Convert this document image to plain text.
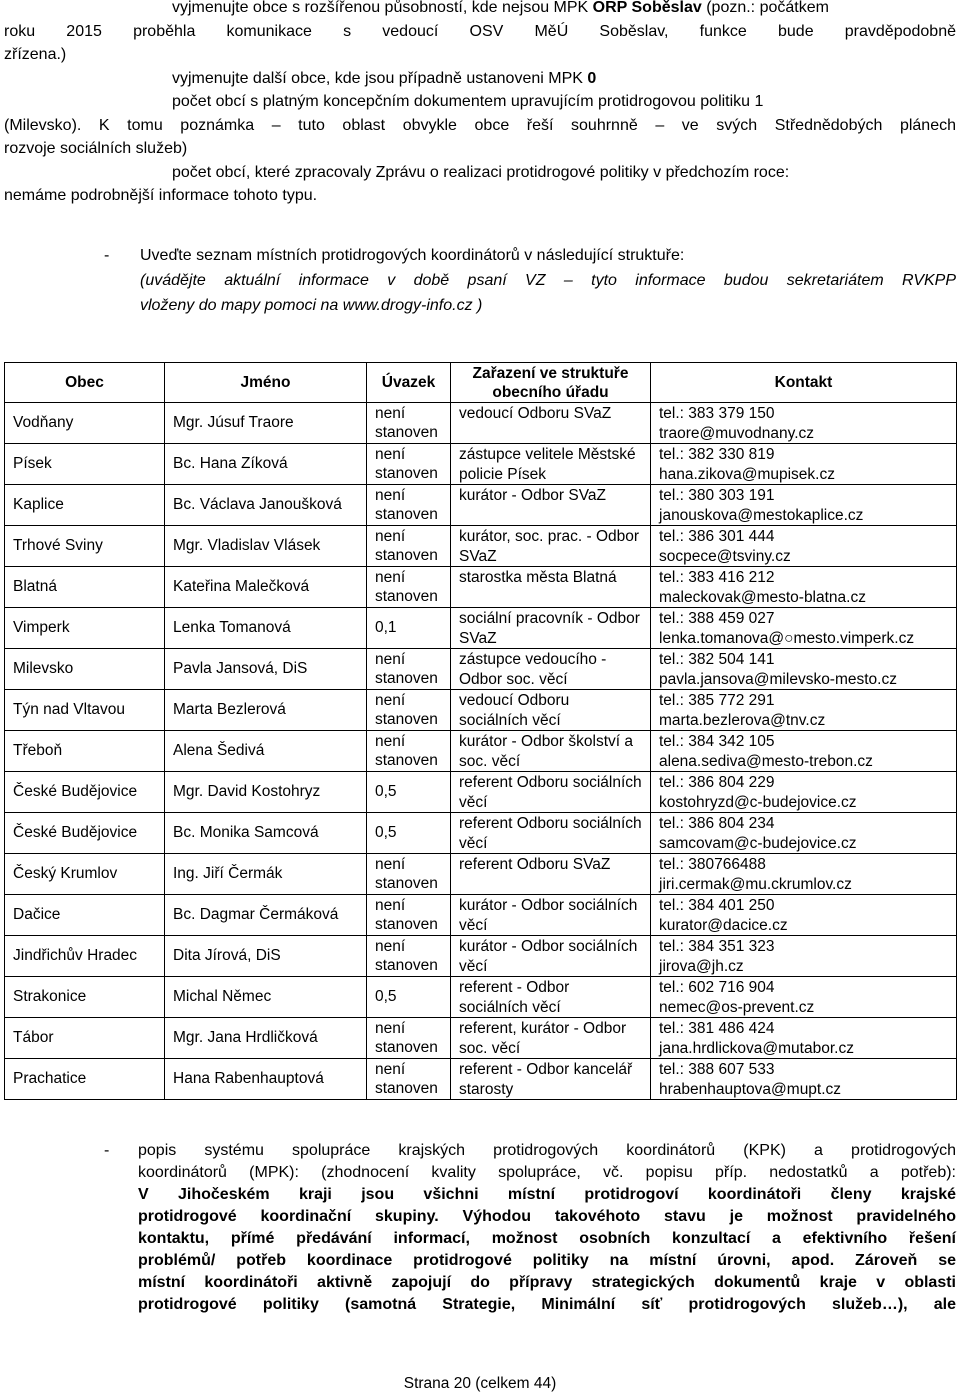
vyjmenujte obce s rozšířenou působností, kde nejsou MPK ORP Soběslav (pozn.: počátkem
roku 2015 proběhla komunikace s vedoucí OSV MěÚ Soběslav, funkce bude pravděpodobně
zřízena.)
vyjmenujte další obce, kde jsou případně ustanoveni MPK 0
počet obcí s platným koncepčním dokumentem upravujícím protidrogovou politiku 1
(Milevsko). K tomu poznámka – tuto oblast obvykle obce řeší souhrnně – ve svých Střednědobých plánech
rozvoje sociálních služeb)
počet obcí, které zpracovaly Zprávu o realizaci protidrogové politiky v předchozím roce:
nemáme podrobnější informace tohoto typu.
- Uveďte seznam místních protidrogových koordinátorů v následující struktuře:
(uvádějte aktuální informace v době psaní VZ – tyto informace budou sekretariátem RVKPP
vloženy do mapy pomoci na www.drogy-info.cz )
Obec	Jméno	Úvazek	Zařazení ve struktuře obecního úřadu	Kontakt
Vodňany	Mgr. Júsuf Traore	není stanoven	vedoucí Odboru SVaZ	tel.: 383 379 150
traore@muvodnany.cz

Písek	Bc. Hana Zíková	není stanoven	zástupce velitele Městské policie Písek	tel.: 382 330 819
hana.zikova@mupisek.cz

Kaplice	Bc. Václava Janoušková	není stanoven	kurátor - Odbor SVaZ	tel.: 380 303 191
janouskova@mestokaplice.cz

Trhové Sviny	Mgr. Vladislav Vlásek	není stanoven	kurátor, soc. prac. - Odbor SVaZ	tel.: 386 301 444
socpece@tsviny.cz

Blatná	Kateřina Malečková	není stanoven	starostka města Blatná	tel.: 383 416 212
maleckovak@mesto-blatna.cz

Vimperk	Lenka Tomanová	0,1	sociální pracovník - Odbor SVaZ	tel.: 388 459 027
lenka.tomanova@○mesto.vimperk.cz

Milevsko	Pavla Jansová, DiS	není stanoven	zástupce vedoucího - Odbor soc. věcí	tel.: 382 504 141
pavla.jansova@milevsko-mesto.cz

Týn nad Vltavou	Marta Bezlerová	není stanoven	vedoucí Odboru sociálních věcí	tel.: 385 772 291
marta.bezlerova@tnv.cz

Třeboň	Alena Šedivá	není stanoven	kurátor - Odbor školství a soc. věcí	tel.: 384 342 105
alena.sediva@mesto-trebon.cz

České Budějovice	Mgr. David Kostohryz	0,5	referent Odboru sociálních věcí	tel.: 386 804 229
kostohryzd@c-budejovice.cz

České Budějovice	Bc. Monika Samcová	0,5	referent Odboru sociálních věcí	tel.: 386 804 234
samcovam@c-budejovice.cz

Český Krumlov	Ing. Jiří Čermák	není stanoven	referent Odboru SVaZ	tel.: 380766488
jiri.cermak@mu.ckrumlov.cz

Dačice	Bc. Dagmar Čermáková	není stanoven	kurátor - Odbor sociálních věcí	tel.: 384 401 250
kurator@dacice.cz

Jindřichův Hradec	Dita Jírová, DiS	není stanoven	kurátor - Odbor sociálních věcí	tel.: 384 351 323
jirova@jh.cz

Strakonice	Michal Němec	0,5	referent - Odbor sociálních věcí	tel.: 602 716 904
nemec@os-prevent.cz

Tábor	Mgr. Jana Hrdličková	není stanoven	referent, kurátor - Odbor soc. věcí	tel.: 381 486 424
jana.hrdlickova@mutabor.cz

Prachatice	Hana Rabenhauptová	není stanoven	referent - Odbor kancelář starosty	tel.: 388 607 533
hrabenhauptova@mupt.cz
- popis systému spolupráce krajských protidrogových koordinátorů (KPK) a protidrogových
koordinátorů (MPK): (zhodnocení kvality spolupráce, vč. popisu příp. nedostatků a potřeb):
V Jihočeském kraji jsou všichni místní protidrogoví koordinátoři členy krajské
protidrogové koordinační skupiny. Výhodou takovéhoto stavu je možnost pravidelného
kontaktu, přímé předávání informací, možnost osobních konzultací a efektivního řešení
problémů/ potřeb koordinace protidrogové politiky na místní úrovni, apod. Zároveň se
místní koordinátoři aktivně zapojují do přípravy strategických dokumentů kraje v oblasti
protidrogové politiky (samotná Strategie, Minimální síť protidrogových služeb…), ale
Strana 20 (celkem 44)
